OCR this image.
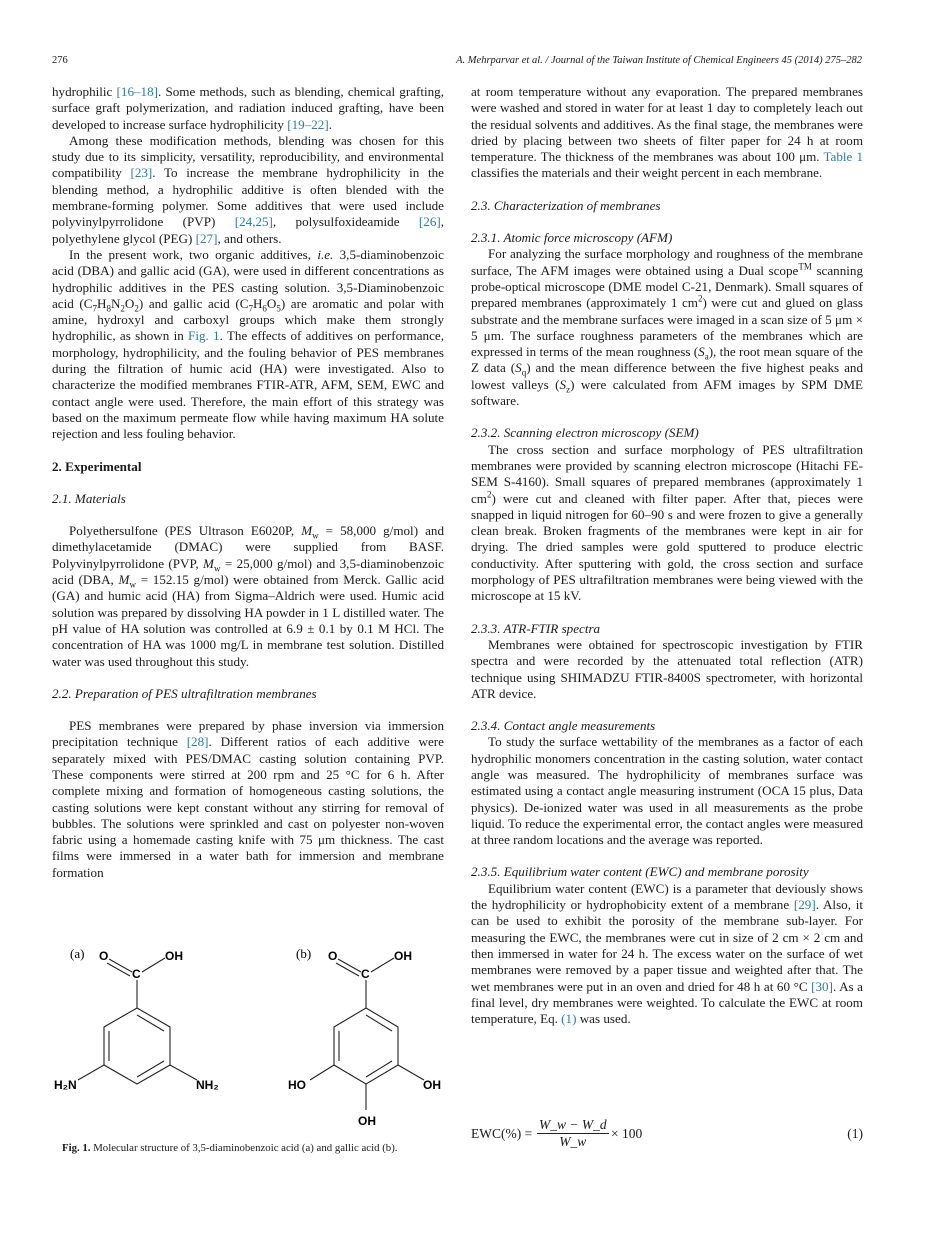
276	A. Mehrparvar et al. / Journal of the Taiwan Institute of Chemical Engineers 45 (2014) 275–282

hydrophilic [16–18]. Some methods, such as blending, chemical grafting, surface graft polymerization, and radiation induced grafting, have been developed to increase surface hydrophilicity [19–22].

Among these modification methods, blending was chosen for this study due to its simplicity, versatility, reproducibility, and environmental compatibility [23]. To increase the membrane hydrophilicity in the blending method, a hydrophilic additive is often blended with the membrane-forming polymer. Some additives that were used include polyvinylpyrrolidone (PVP) [24,25], polysulfoxideamide [26], polyethylene glycol (PEG) [27], and others.

In the present work, two organic additives, i.e. 3,5-diaminobenzoic acid (DBA) and gallic acid (GA), were used in different concentrations as hydrophilic additives in the PES casting solution. 3,5-Diaminobenzoic acid $(C_7H_8N_2O_2)$ and gallic acid $(C_7H_6O_5)$ are aromatic and polar with amine, hydroxyl and carboxyl groups which make them strongly hydrophilic, as shown in Fig. 1. The effects of additives on performance, morphology, hydrophilicity, and the fouling behavior of PES membranes during the filtration of humic acid (HA) were investigated. Also to characterize the modified membranes FTIR-ATR, AFM, SEM, EWC and contact angle were used. Therefore, the main effort of this strategy was based on the maximum permeate flow while having maximum HA solute rejection and less fouling behavior.

2. Experimental
2.1. Materials

Polyethersulfone (PES Ultrason E6020P, $M_w = 58,000$ g/mol) and dimethylacetamide (DMAC) were supplied from BASF. Polyvinylpyrrolidone (PVP, $M_w = 25,000$ g/mol) and 3,5-diaminobenzoic acid (DBA, $M_w = 152.15$ g/mol) were obtained from Merck. Gallic acid (GA) and humic acid (HA) from Sigma–Aldrich were used. Humic acid solution was prepared by dissolving HA powder in 1 L distilled water. The pH value of HA solution was controlled at 6.9 ± 0.1 by 0.1 M HCl. The concentration of HA was 1000 mg/L in membrane test solution. Distilled water was used throughout this study.

2.2. Preparation of PES ultrafiltration membranes

PES membranes were prepared by phase inversion via immersion precipitation technique [28]. Different ratios of each additive were separately mixed with PES/DMAC casting solution containing PVP. These components were stirred at 200 rpm and 25 °C for 6 h. After complete mixing and formation of homogeneous casting solutions, the casting solutions were kept constant without any stirring for removal of bubbles. The solutions were sprinkled and cast on polyester non-woven fabric using a homemade casting knife with 75 μm thickness. The cast films were immersed in a water bath for immersion and membrane formation

at room temperature without any evaporation. The prepared membranes were washed and stored in water for at least 1 day to completely leach out the residual solvents and additives. As the final stage, the membranes were dried by placing between two sheets of filter paper for 24 h at room temperature. The thickness of the membranes was about 100 μm. Table 1 classifies the materials and their weight percent in each membrane.

2.3. Characterization of membranes
2.3.1. Atomic force microscopy (AFM)

For analyzing the surface morphology and roughness of the membrane surface, The AFM images were obtained using a Dual scope™ scanning probe-optical microscope (DME model C-21, Denmark). Small squares of prepared membranes (approximately 1 $cm^2$) were cut and glued on glass substrate and the membrane surfaces were imaged in a scan size of 5 μm × 5 μm. The surface roughness parameters of the membranes which are expressed in terms of the mean roughness $(S_a)$, the root mean square of the Z data $(S_q)$ and the mean difference between the five highest peaks and lowest valleys $(S_z)$ were calculated from AFM images by SPM DME software.

2.3.2. Scanning electron microscopy (SEM)

The cross section and surface morphology of PES ultrafiltration membranes were provided by scanning electron microscope (Hitachi FE-SEM S-4160). Small squares of prepared membranes (approximately 1 $cm^2$) were cut and cleaned with filter paper. After that, pieces were snapped in liquid nitrogen for 60–90 s and were frozen to give a generally clean break. Broken fragments of the membranes were kept in air for drying. The dried samples were gold sputtered to produce electric conductivity. After sputtering with gold, the cross section and surface morphology of PES ultrafiltration membranes were being viewed with the microscope at 15 kV.

2.3.3. ATR-FTIR spectra

Membranes were obtained for spectroscopic investigation by FTIR spectra and were recorded by the attenuated total reflection (ATR) technique using SHIMADZU FTIR-8400S spectrometer, with horizontal ATR device.

2.3.4. Contact angle measurements

To study the surface wettability of the membranes as a factor of each hydrophilic monomers concentration in the casting solution, water contact angle was measured. The hydrophilicity of membranes surface was estimated using a contact angle measuring instrument (OCA 15 plus, Data physics). De-ionized water was used in all measurements as the probe liquid. To reduce the experimental error, the contact angles were measured at three random locations and the average was reported.

2.3.5. Equilibrium water content (EWC) and membrane porosity

Equilibrium water content (EWC) is a parameter that deviously shows the hydrophilicity or hydrophobicity extent of a membrane [29]. Also, it can be used to exhibit the porosity of the membrane sub-layer. For measuring the EWC, the membranes were cut in size of 2 cm × 2 cm and then immersed in water for 24 h. The excess water on the surface of wet membranes were removed by a paper tissue and weighted after that. The wet membranes were put in an oven and dried for 48 h at 60 °C [30]. As a final level, dry membranes were weighted. To calculate the EWC at room temperature, Eq. (1) was used.

(a) O	OH
C
H₂N	NH₂
(b) O	OH
C
HO	OH
OH
Fig. 1. Molecular structure of 3,5-diaminobenzoic acid (a) and gallic acid (b).
$EWC(\%) = \frac{W\_w - W\_d}{W\_w} \times 100$	(1)
